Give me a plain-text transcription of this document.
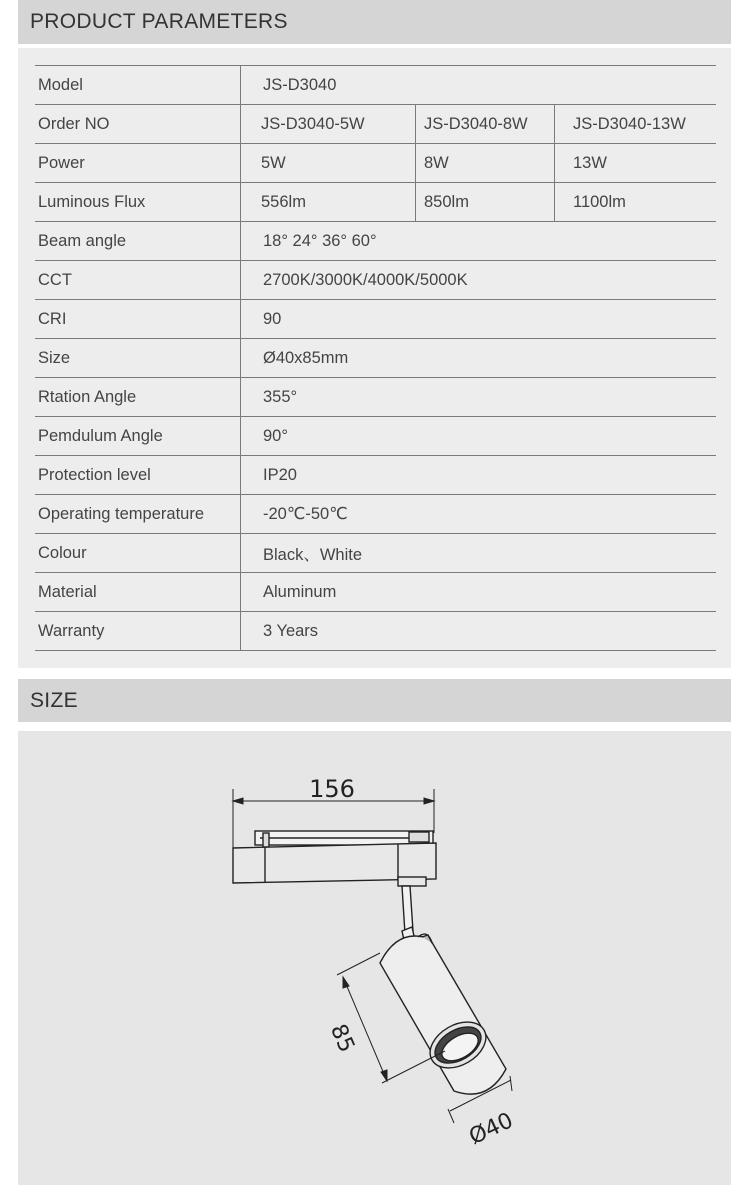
PRODUCT PARAMETERS
Model	JS-D3040		
Order NO	JS-D3040-5W	JS-D3040-8W	JS-D3040-13W
Power	5W	8W	13W
Luminous Flux	556lm	850lm	1100lm
Beam angle	18° 24° 36° 60°		
CCT	2700K/3000K/4000K/5000K		
CRI	90		
Size	Ø40x85mm		
Rtation Angle	355°		
Pemdulum Angle	90°		
Protection level	IP20		
Operating temperature	-20℃-50℃		
Colour	Black、White		
Material	Aluminum		
Warranty	3 Years		
SIZE
156
85
Ø40
